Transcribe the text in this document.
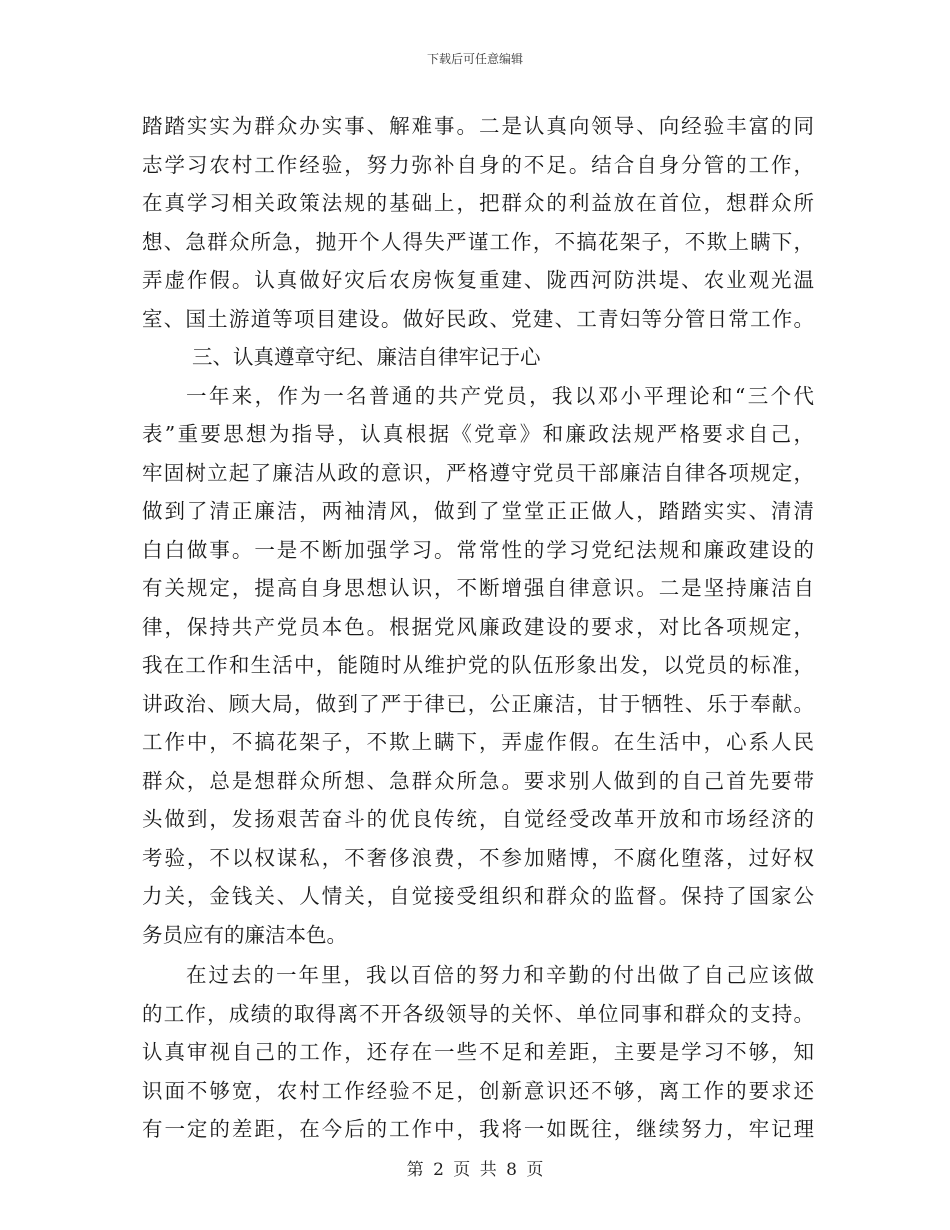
下载后可任意编辑
踏踏实实为群众办实事、解难事。二是认真向领导、向经验丰富的同
志学习农村工作经验，努力弥补自身的不足。结合自身分管的工作，
在真学习相关政策法规的基础上，把群众的利益放在首位，想群众所
想、急群众所急，抛开个人得失严谨工作，不搞花架子，不欺上瞒下，
弄虚作假。认真做好灾后农房恢复重建、陇西河防洪堤、农业观光温
室、国土游道等项目建设。做好民政、党建、工青妇等分管日常工作。
三、认真遵章守纪、廉洁自律牢记于心
一年来，作为一名普通的共产党员，我以邓小平理论和“三个代
表”重要思想为指导，认真根据《党章》和廉政法规严格要求自己，
牢固树立起了廉洁从政的意识，严格遵守党员干部廉洁自律各项规定，
做到了清正廉洁，两袖清风，做到了堂堂正正做人，踏踏实实、清清
白白做事。一是不断加强学习。常常性的学习党纪法规和廉政建设的
有关规定，提高自身思想认识，不断增强自律意识。二是坚持廉洁自
律，保持共产党员本色。根据党风廉政建设的要求，对比各项规定，
我在工作和生活中，能随时从维护党的队伍形象出发，以党员的标准，
讲政治、顾大局，做到了严于律已，公正廉洁，甘于牺牲、乐于奉献。
工作中，不搞花架子，不欺上瞒下，弄虚作假。在生活中，心系人民
群众，总是想群众所想、急群众所急。要求别人做到的自己首先要带
头做到，发扬艰苦奋斗的优良传统，自觉经受改革开放和市场经济的
考验，不以权谋私，不奢侈浪费，不参加赌博，不腐化堕落，过好权
力关，金钱关、人情关，自觉接受组织和群众的监督。保持了国家公
务员应有的廉洁本色。
在过去的一年里，我以百倍的努力和辛勤的付出做了自己应该做
的工作，成绩的取得离不开各级领导的关怀、单位同事和群众的支持。
认真审视自己的工作，还存在一些不足和差距，主要是学习不够，知
识面不够宽，农村工作经验不足，创新意识还不够，离工作的要求还
有一定的差距，在今后的工作中，我将一如既往，继续努力，牢记理
第 2 页 共 8 页
